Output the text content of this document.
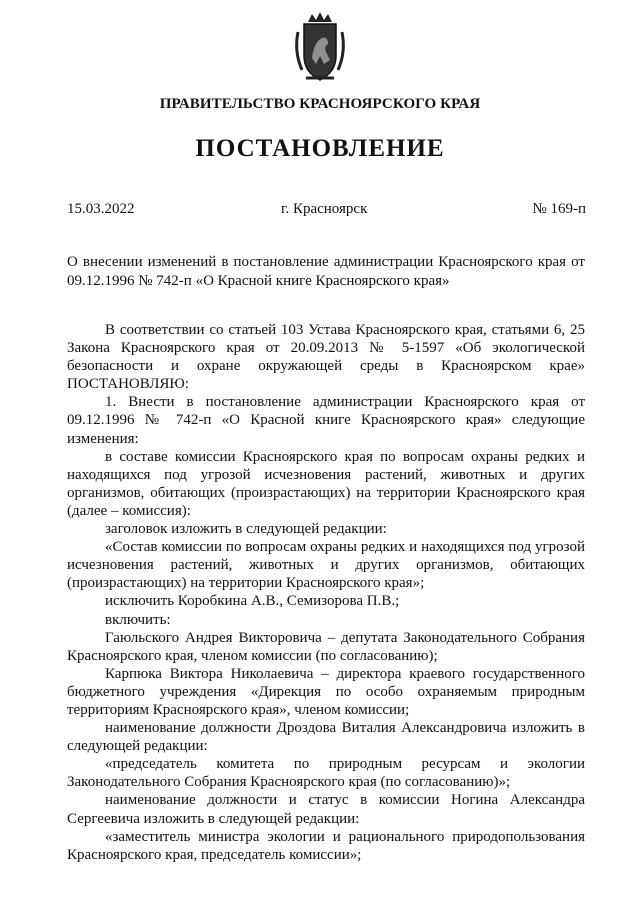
ПРАВИТЕЛЬСТВО КРАСНОЯРСКОГО КРАЯ
ПОСТАНОВЛЕНИЕ
15.03.2022	г. Красноярск	№ 169-п
О внесении изменений в постановление администрации Красноярского края от 09.12.1996 № 742-п «О Красной книге Красноярского края»

В соответствии со статьей 103 Устава Красноярского края, статьями 6, 25 Закона Красноярского края от 20.09.2013 № 5-1597 «Об экологической безопасности и охране окружающей среды в Красноярском крае» ПОСТАНОВЛЯЮ:

1. Внести в постановление администрации Красноярского края от 09.12.1996 № 742-п «О Красной книге Красноярского края» следующие изменения:

в составе комиссии Красноярского края по вопросам охраны редких и находящихся под угрозой исчезновения растений, животных и других организмов, обитающих (произрастающих) на территории Красноярского края (далее – комиссия):

заголовок изложить в следующей редакции:

«Состав комиссии по вопросам охраны редких и находящихся под угрозой исчезновения растений, животных и других организмов, обитающих (произрастающих) на территории Красноярского края»;

исключить Коробкина А.В., Семизорова П.В.;

включить:

Гаюльского Андрея Викторовича – депутата Законодательного Собрания Красноярского края, членом комиссии (по согласованию);

Карпюка Виктора Николаевича – директора краевого государственного бюджетного учреждения «Дирекция по особо охраняемым природным территориям Красноярского края», членом комиссии;

наименование должности Дроздова Виталия Александровича изложить в следующей редакции:

«председатель комитета по природным ресурсам и экологии Законодательного Собрания Красноярского края (по согласованию)»;

наименование должности и статус в комиссии Ногина Александра Сергеевича изложить в следующей редакции:

«заместитель министра экологии и рационального природопользования Красноярского края, председатель комиссии»;
